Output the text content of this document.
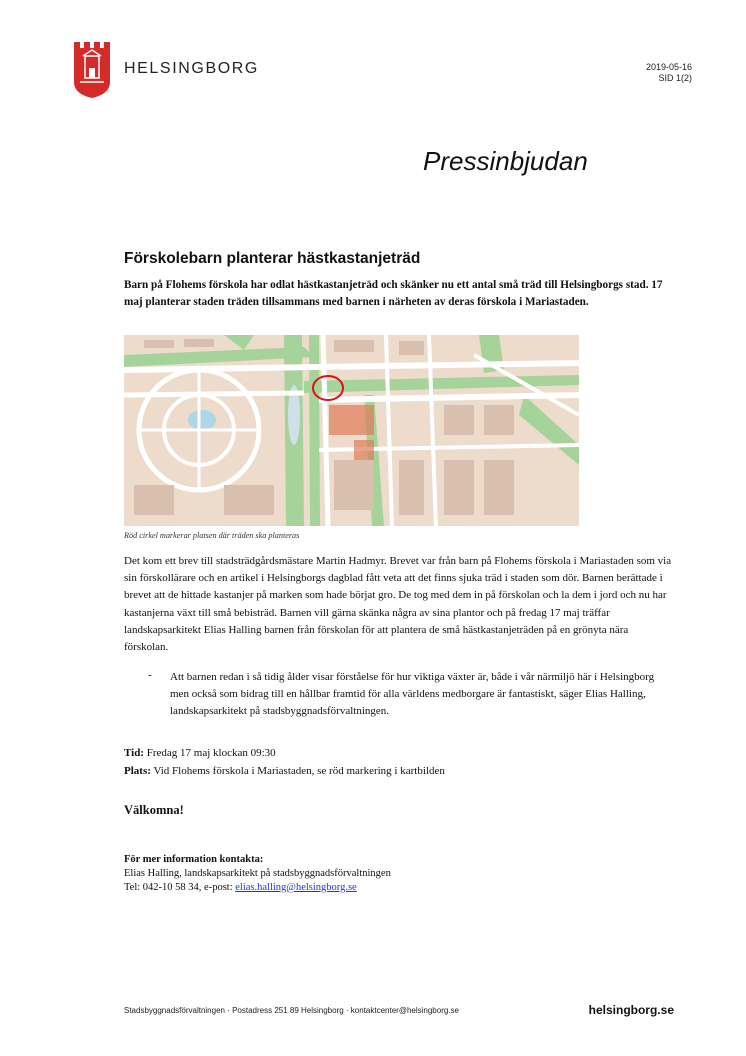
HELSINGBORG	2019-05-16
SID 1(2)
Pressinbjudan
Förskolebarn planterar hästkastanjeträd
Barn på Flohems förskola har odlat hästkastanjeträd och skänker nu ett antal små träd till Helsingborgs stad. 17 maj planterar staden träden tillsammans med barnen i närheten av deras förskola i Mariastaden.
Röd cirkel markerar platsen där träden ska planteras
Det kom ett brev till stadsträdgårdsmästare Martin Hadmyr. Brevet var från barn på Flohems förskola i Mariastaden som via sin förskollärare och en artikel i Helsingborgs dagblad fått veta att det finns sjuka träd i staden som dör. Barnen berättade i brevet att de hittade kastanjer på marken som hade börjat gro. De tog med dem in på förskolan och la dem i jord och nu har kastanjerna växt till små bebisträd. Barnen vill gärna skänka några av sina plantor och på fredag 17 maj träffar landskapsarkitekt Elias Halling barnen från förskolan för att plantera de små hästkastanjeträden på en grönyta nära förskolan.
- Att barnen redan i så tidig ålder visar förståelse för hur viktiga växter är, både i vår närmiljö här i Helsingborg men också som bidrag till en hållbar framtid för alla världens medborgare är fantastiskt, säger Elias Halling, landskapsarkitekt på stadsbyggnadsförvaltningen.
Tid: Fredag 17 maj klockan 09:30
Plats: Vid Flohems förskola i Mariastaden, se röd markering i kartbilden
Välkomna!
För mer information kontakta:
Elias Halling, landskapsarkitekt på stadsbyggnadsförvaltningen
Tel: 042-10 58 34, e-post: elias.halling@helsingborg.se
Stadsbyggnadsförvaltningen · Postadress 251 89 Helsingborg · kontaktcenter@helsingborg.se	helsingborg.se
